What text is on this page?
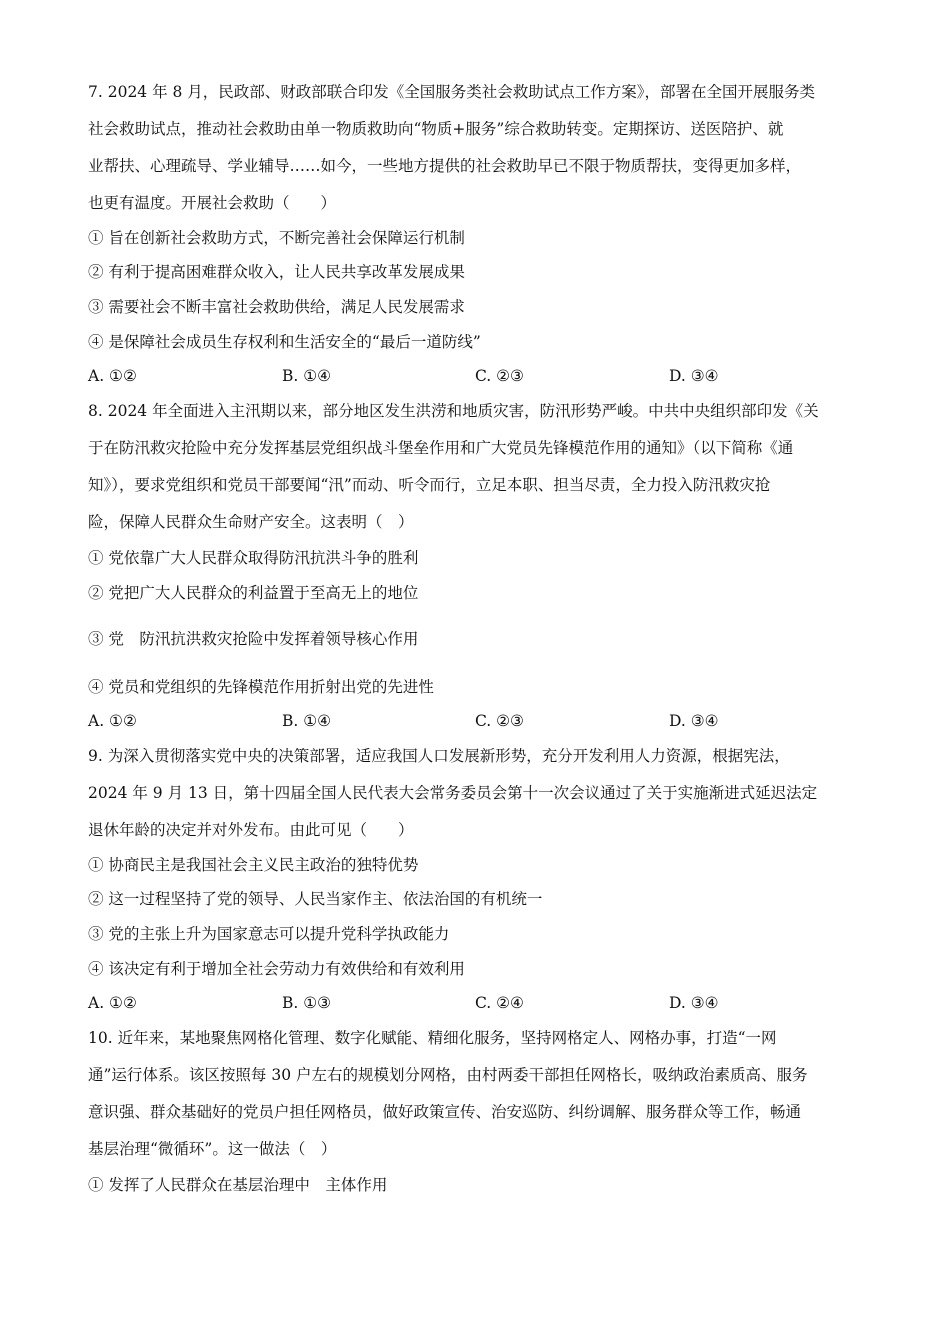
7. 2024 年 8 月，民政部、财政部联合印发《全国服务类社会救助试点工作方案》，部署在全国开展服务类
社会救助试点，推动社会救助由单一物质救助向“物质+服务”综合救助转变。定期探访、送医陪护、就
业帮扶、心理疏导、学业辅导……如今，一些地方提供的社会救助早已不限于物质帮扶，变得更加多样，
也更有温度。开展社会救助（　　）
① 旨在创新社会救助方式，不断完善社会保障运行机制
② 有利于提高困难群众收入，让人民共享改革发展成果
③ 需要社会不断丰富社会救助供给，满足人民发展需求
④ 是保障社会成员生存权利和生活安全的“最后一道防线”
A. ①②	B. ①④	C. ②③	D. ③④
8. 2024 年全面进入主汛期以来，部分地区发生洪涝和地质灾害，防汛形势严峻。中共中央组织部印发《关
于在防汛救灾抢险中充分发挥基层党组织战斗堡垒作用和广大党员先锋模范作用的通知》（以下简称《通
知》），要求党组织和党员干部要闻“汛”而动、听令而行，立足本职、担当尽责，全力投入防汛救灾抢
险，保障人民群众生命财产安全。这表明（　）
① 党依靠广大人民群众取得防汛抗洪斗争的胜利
② 党把广大人民群众的利益置于至高无上的地位
③ 党　防汛抗洪救灾抢险中发挥着领导核心作用
④ 党员和党组织的先锋模范作用折射出党的先进性
A. ①②	B. ①④	C. ②③	D. ③④
9. 为深入贯彻落实党中央的决策部署，适应我国人口发展新形势，充分开发利用人力资源，根据宪法，
2024 年 9 月 13 日，第十四届全国人民代表大会常务委员会第十一次会议通过了关于实施渐进式延迟法定
退休年龄的决定并对外发布。由此可见（　　）
① 协商民主是我国社会主义民主政治的独特优势
② 这一过程坚持了党的领导、人民当家作主、依法治国的有机统一
③ 党的主张上升为国家意志可以提升党科学执政能力
④ 该决定有利于增加全社会劳动力有效供给和有效利用
A. ①②	B. ①③	C. ②④	D. ③④
10. 近年来，某地聚焦网格化管理、数字化赋能、精细化服务，坚持网格定人、网格办事，打造“一网
通”运行体系。该区按照每 30 户左右的规模划分网格，由村两委干部担任网格长，吸纳政治素质高、服务
意识强、群众基础好的党员户担任网格员，做好政策宣传、治安巡防、纠纷调解、服务群众等工作，畅通
基层治理“微循环”。这一做法（　）
① 发挥了人民群众在基层治理中　主体作用
